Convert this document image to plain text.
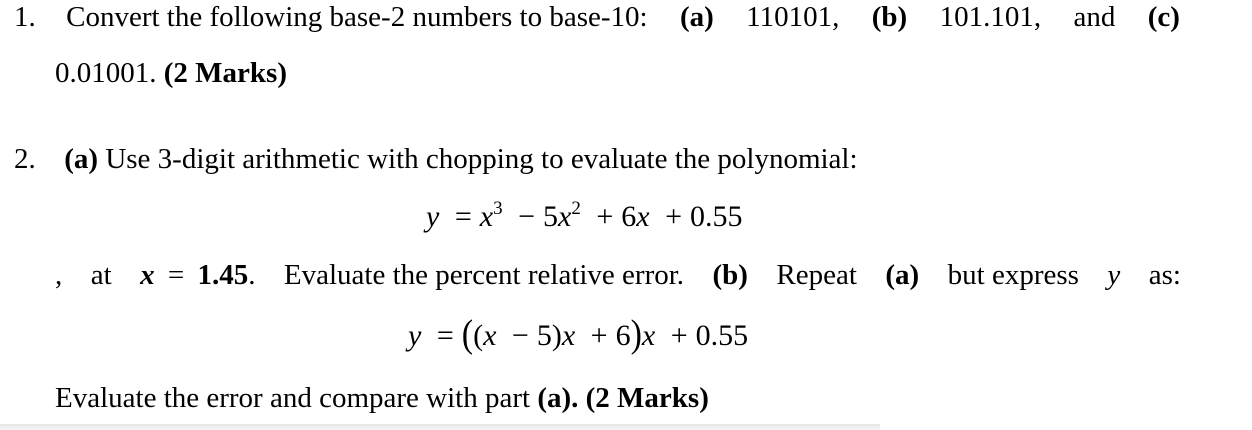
1. Convert the following base-2 numbers to base-10: (a) 110101, (b) 101.101, and (c)
0.01001. (2 Marks)
2. (a) Use 3-digit arithmetic with chopping to evaluate the polynomial:
$y = x^3 - 5x^2 + 6x + 0.55$
, at x = 1.45. Evaluate the percent relative error. (b) Repeat (a) but express y as:
y = ((x − 5)x + 6)x + 0.55
Evaluate the error and compare with part (a). (2 Marks)
